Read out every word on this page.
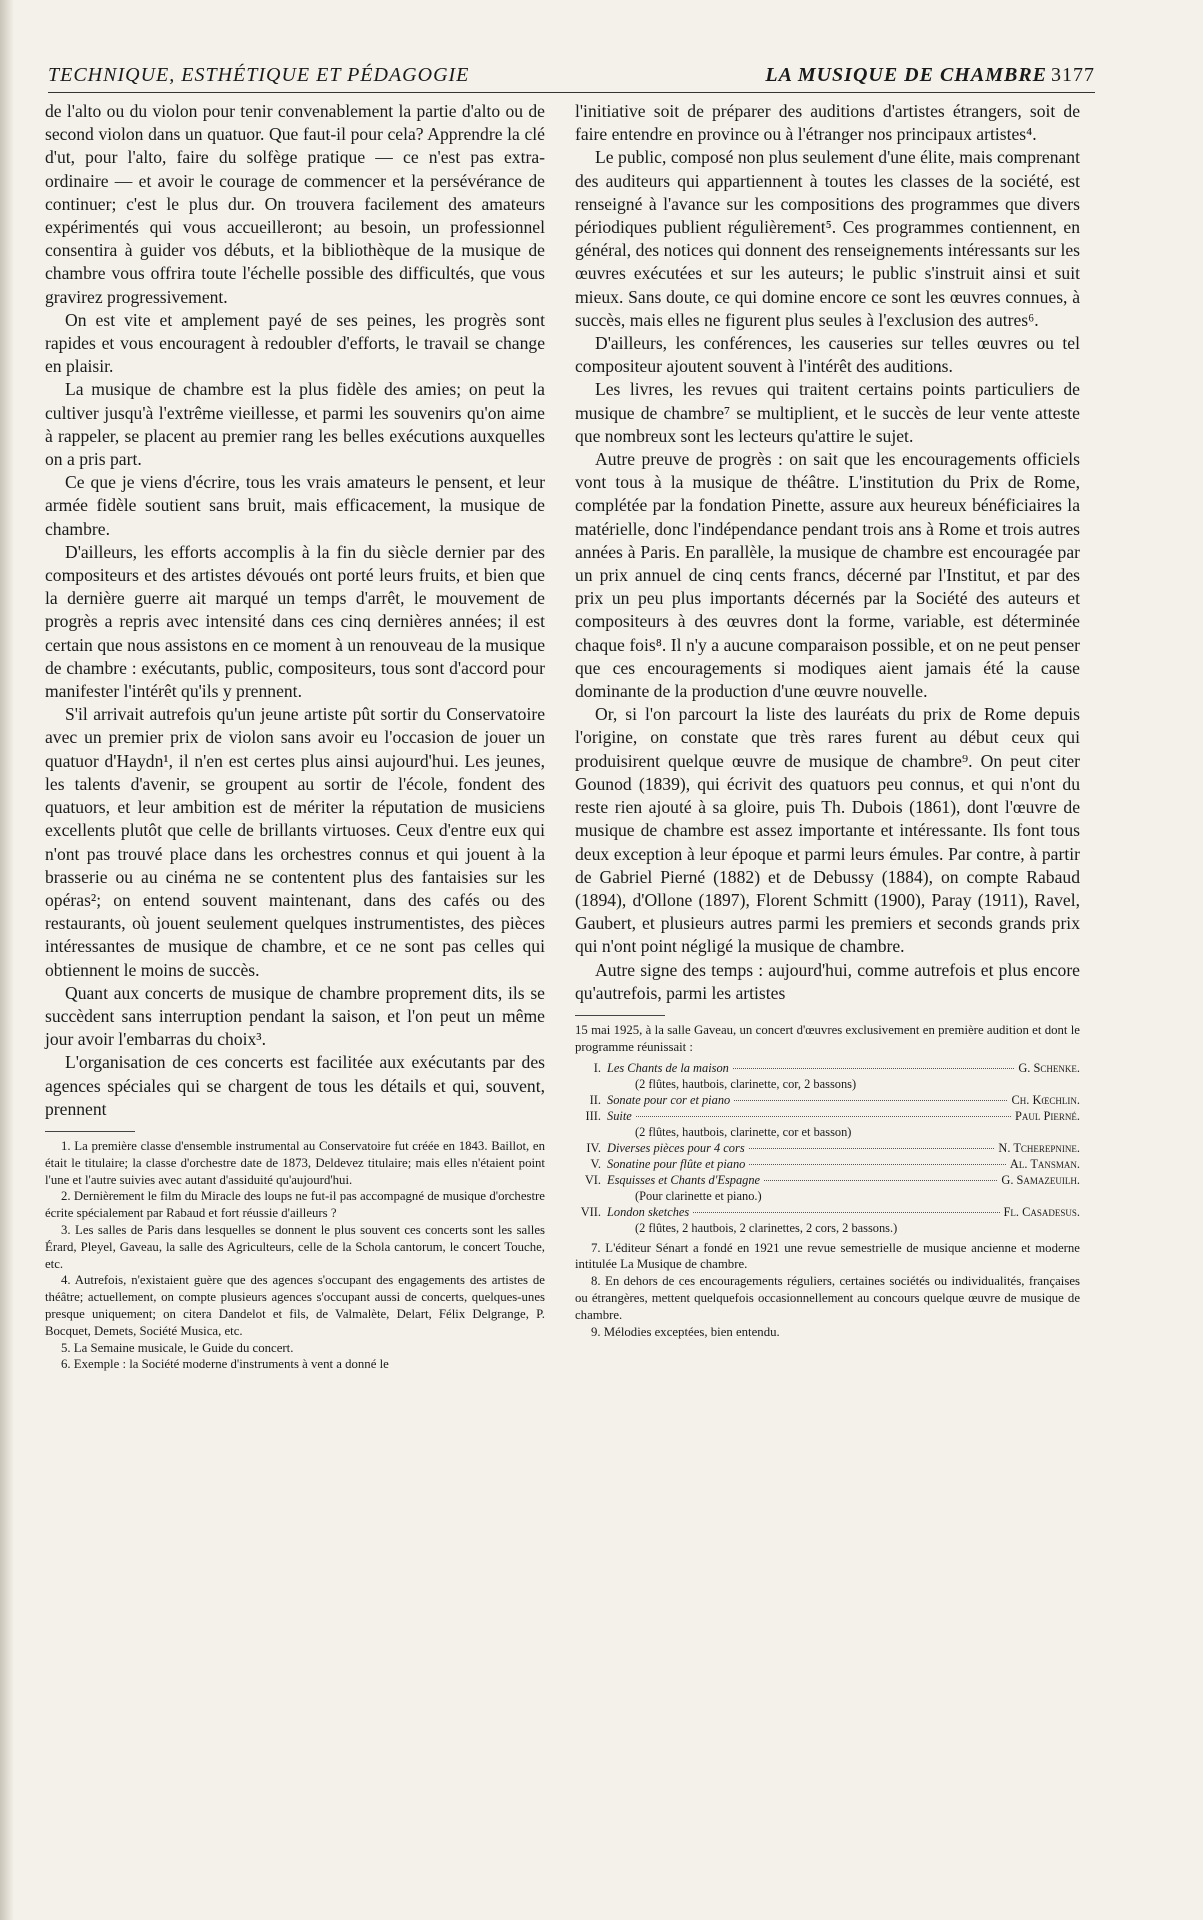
TECHNIQUE, ESTHÉTIQUE ET PÉDAGOGIE	LA MUSIQUE DE CHAMBRE 3177

de l'alto ou du violon pour tenir convenablement la partie d'alto ou de second violon dans un quatuor. Que faut-il pour cela? Apprendre la clé d'ut, pour l'alto, faire du solfège pratique — ce n'est pas extra-ordinaire — et avoir le courage de commencer et la persévérance de continuer; c'est le plus dur. On trouvera facilement des amateurs expérimentés qui vous accueilleront; au besoin, un professionnel consentira à guider vos débuts, et la bibliothèque de la musique de chambre vous offrira toute l'échelle possible des difficultés, que vous gravirez progressivement.

On est vite et amplement payé de ses peines, les progrès sont rapides et vous encouragent à redoubler d'efforts, le travail se change en plaisir.

La musique de chambre est la plus fidèle des amies; on peut la cultiver jusqu'à l'extrême vieillesse, et parmi les souvenirs qu'on aime à rappeler, se placent au premier rang les belles exécutions auxquelles on a pris part.

Ce que je viens d'écrire, tous les vrais amateurs le pensent, et leur armée fidèle soutient sans bruit, mais efficacement, la musique de chambre.

D'ailleurs, les efforts accomplis à la fin du siècle dernier par des compositeurs et des artistes dévoués ont porté leurs fruits, et bien que la dernière guerre ait marqué un temps d'arrêt, le mouvement de progrès a repris avec intensité dans ces cinq dernières années; il est certain que nous assistons en ce moment à un renouveau de la musique de chambre : exécutants, public, compositeurs, tous sont d'accord pour manifester l'intérêt qu'ils y prennent.

S'il arrivait autrefois qu'un jeune artiste pût sortir du Conservatoire avec un premier prix de violon sans avoir eu l'occasion de jouer un quatuor d'Haydn¹, il n'en est certes plus ainsi aujourd'hui. Les jeunes, les talents d'avenir, se groupent au sortir de l'école, fondent des quatuors, et leur ambition est de mériter la réputation de musiciens excellents plutôt que celle de brillants virtuoses. Ceux d'entre eux qui n'ont pas trouvé place dans les orchestres connus et qui jouent à la brasserie ou au cinéma ne se contentent plus des fantaisies sur les opéras²; on entend souvent maintenant, dans des cafés ou des restaurants, où jouent seulement quelques instrumentistes, des pièces intéressantes de musique de chambre, et ce ne sont pas celles qui obtiennent le moins de succès.

Quant aux concerts de musique de chambre proprement dits, ils se succèdent sans interruption pendant la saison, et l'on peut un même jour avoir l'embarras du choix³.

L'organisation de ces concerts est facilitée aux exécutants par des agences spéciales qui se chargent de tous les détails et qui, souvent, prennent

1. La première classe d'ensemble instrumental au Conservatoire fut créée en 1843. Baillot, en était le titulaire; la classe d'orchestre date de 1873, Deldevez titulaire; mais elles n'étaient point l'une et l'autre suivies avec autant d'assiduité qu'aujourd'hui.

2. Dernièrement le film du Miracle des loups ne fut-il pas accompagné de musique d'orchestre écrite spécialement par Rabaud et fort réussie d'ailleurs ?

3. Les salles de Paris dans lesquelles se donnent le plus souvent ces concerts sont les salles Érard, Pleyel, Gaveau, la salle des Agriculteurs, celle de la Schola cantorum, le concert Touche, etc.

4. Autrefois, n'existaient guère que des agences s'occupant des engagements des artistes de théâtre; actuellement, on compte plusieurs agences s'occupant aussi de concerts, quelques-unes presque uniquement; on citera Dandelot et fils, de Valmalète, Delart, Félix Delgrange, P. Bocquet, Demets, Société Musica, etc.

5. La Semaine musicale, le Guide du concert.

6. Exemple : la Société moderne d'instruments à vent a donné le

l'initiative soit de préparer des auditions d'artistes étrangers, soit de faire entendre en province ou à l'étranger nos principaux artistes⁴.

Le public, composé non plus seulement d'une élite, mais comprenant des auditeurs qui appartiennent à toutes les classes de la société, est renseigné à l'avance sur les compositions des programmes que divers périodiques publient régulièrement⁵. Ces programmes contiennent, en général, des notices qui donnent des renseignements intéressants sur les œuvres exécutées et sur les auteurs; le public s'instruit ainsi et suit mieux. Sans doute, ce qui domine encore ce sont les œuvres connues, à succès, mais elles ne figurent plus seules à l'exclusion des autres⁶.

D'ailleurs, les conférences, les causeries sur telles œuvres ou tel compositeur ajoutent souvent à l'intérêt des auditions.

Les livres, les revues qui traitent certains points particuliers de musique de chambre⁷ se multiplient, et le succès de leur vente atteste que nombreux sont les lecteurs qu'attire le sujet.

Autre preuve de progrès : on sait que les encouragements officiels vont tous à la musique de théâtre. L'institution du Prix de Rome, complétée par la fondation Pinette, assure aux heureux bénéficiaires la matérielle, donc l'indépendance pendant trois ans à Rome et trois autres années à Paris. En parallèle, la musique de chambre est encouragée par un prix annuel de cinq cents francs, décerné par l'Institut, et par des prix un peu plus importants décernés par la Société des auteurs et compositeurs à des œuvres dont la forme, variable, est déterminée chaque fois⁸. Il n'y a aucune comparaison possible, et on ne peut penser que ces encouragements si modiques aient jamais été la cause dominante de la production d'une œuvre nouvelle.

Or, si l'on parcourt la liste des lauréats du prix de Rome depuis l'origine, on constate que très rares furent au début ceux qui produisirent quelque œuvre de musique de chambre⁹. On peut citer Gounod (1839), qui écrivit des quatuors peu connus, et qui n'ont du reste rien ajouté à sa gloire, puis Th. Dubois (1861), dont l'œuvre de musique de chambre est assez importante et intéressante. Ils font tous deux exception à leur époque et parmi leurs émules. Par contre, à partir de Gabriel Pierné (1882) et de Debussy (1884), on compte Rabaud (1894), d'Ollone (1897), Florent Schmitt (1900), Paray (1911), Ravel, Gaubert, et plusieurs autres parmi les premiers et seconds grands prix qui n'ont point négligé la musique de chambre.

Autre signe des temps : aujourd'hui, comme autrefois et plus encore qu'autrefois, parmi les artistes

15 mai 1925, à la salle Gaveau, un concert d'œuvres exclusivement en première audition et dont le programme réunissait :

I. Les Chants de la maison	G. Schenke.
(2 flûtes, hautbois, clarinette, cor, 2 bassons)
II. Sonate pour cor et piano	Ch. Kœchlin.
III. Suite	Paul Pierné.
(2 flûtes, hautbois, clarinette, cor et basson)
IV. Diverses pièces pour 4 cors	N. Tcherepnine.
V. Sonatine pour flûte et piano	Al. Tansman.
VI. Esquisses et Chants d'Espagne	G. Samazeuilh.
(Pour clarinette et piano.)
VII. London sketches	Fl. Casadesus.
(2 flûtes, 2 hautbois, 2 clarinettes, 2 cors, 2 bassons.)

7. L'éditeur Sénart a fondé en 1921 une revue semestrielle de musique ancienne et moderne intitulée La Musique de chambre.

8. En dehors de ces encouragements réguliers, certaines sociétés ou individualités, françaises ou étrangères, mettent quelquefois occasionnellement au concours quelque œuvre de musique de chambre.

9. Mélodies exceptées, bien entendu.
